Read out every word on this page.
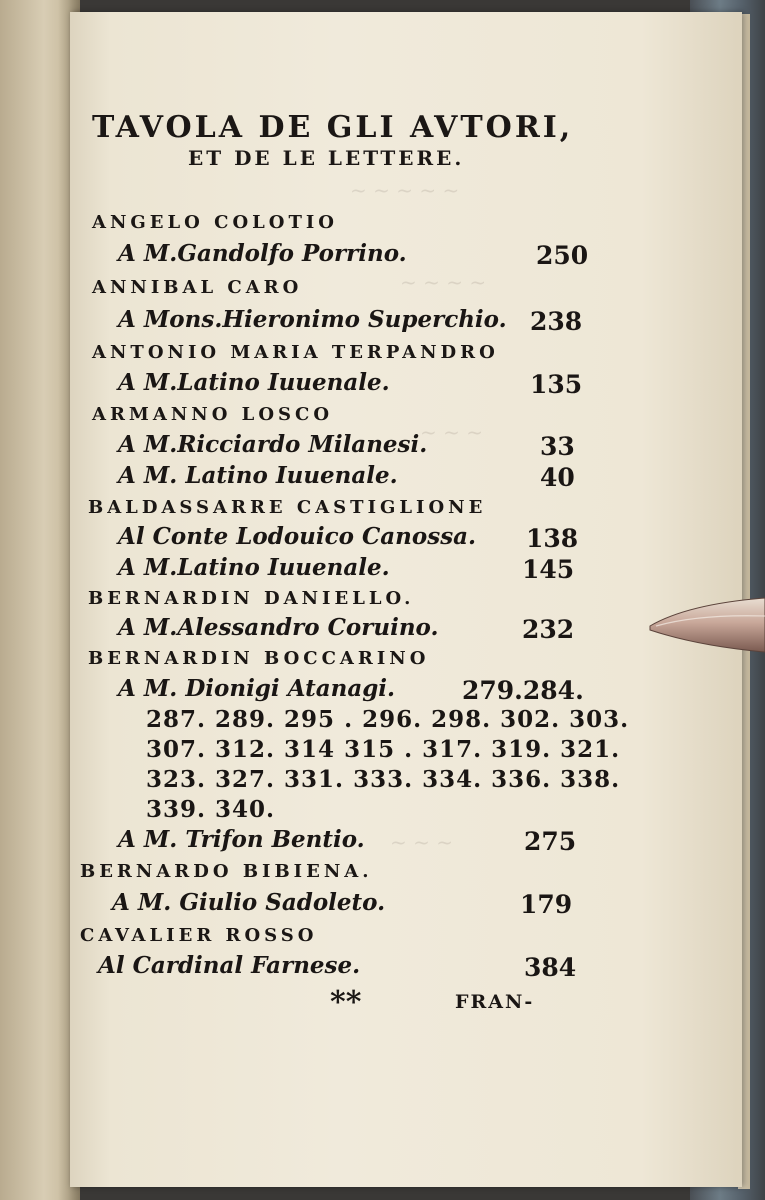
~ ~ ~ ~ ~
~ ~ ~ ~
~ ~ ~
~ ~ ~
TAVOLA DE GLI AVTORI,
ET DE LE LETTERE.
ANGELO COLOTIO
A M.Gandolfo Porrino.	250
ANNIBAL CARO
A Mons.Hieronimo Superchio. 238
ANTONIO MARIA TERPANDRO
A M.Latino Iuuenale.	135
ARMANNO LOSCO
A M.Ricciardo Milanesi.	33
A M. Latino Iuuenale.	40
BALDASSARRE CASTIGLIONE
Al Conte Lodouico Canossa. 138
A M.Latino Iuuenale.	145
BERNARDIN DANIELLO.
A M.Alessandro Coruino.	232
BERNARDIN BOCCARINO
A M. Dionigi Atanagi.	279.284.
287. 289. 295 . 296. 298. 302. 303.
307. 312. 314 315 . 317. 319. 321.
323. 327. 331. 333. 334. 336. 338.
339. 340.
A M. Trifon Bentio.	275
BERNARDO BIBIENA.
A M. Giulio Sadoleto.	179
CAVALIER ROSSO
Al Cardinal Farnese.	384
**	FRAN-
